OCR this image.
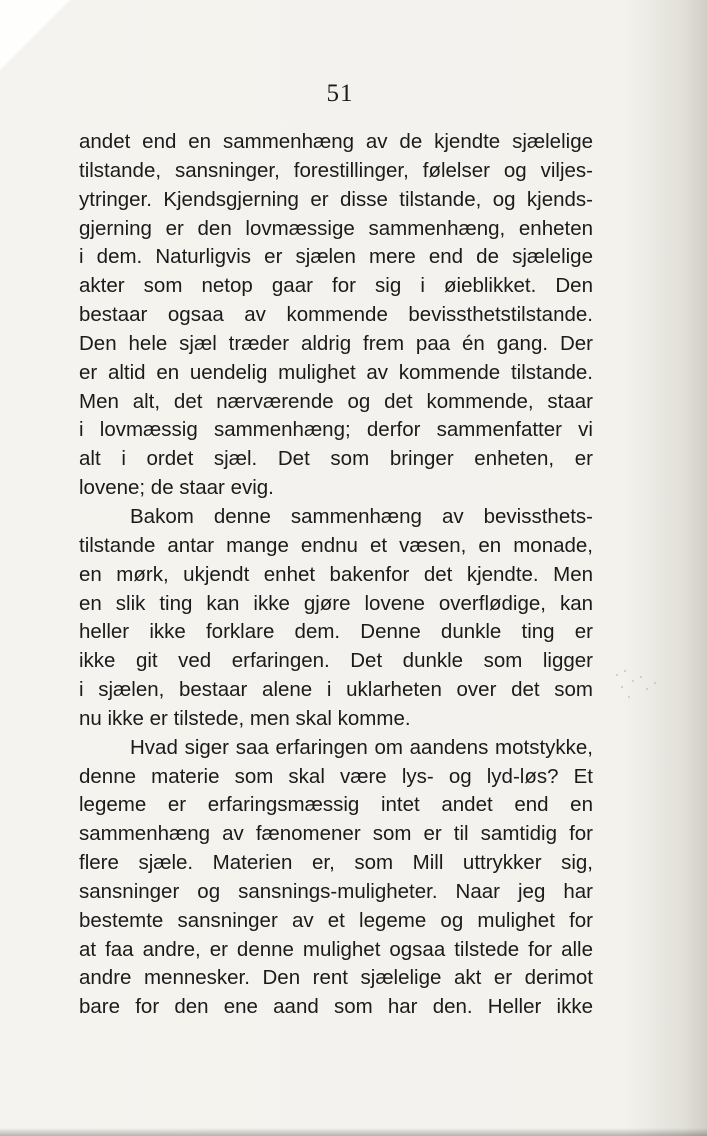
51
andet end en sammenhæng av de kjendte sjælelige
tilstande, sansninger, forestillinger, følelser og viljes-
ytringer. Kjendsgjerning er disse tilstande, og kjends-
gjerning er den lovmæssige sammenhæng, enheten
i dem. Naturligvis er sjælen mere end de sjælelige
akter som netop gaar for sig i øieblikket. Den
bestaar ogsaa av kommende bevissthetstilstande.
Den hele sjæl træder aldrig frem paa én gang. Der
er altid en uendelig mulighet av kommende tilstande.
Men alt, det nærværende og det kommende, staar
i lovmæssig sammenhæng; derfor sammenfatter vi
alt i ordet sjæl. Det som bringer enheten, er
lovene; de staar evig.
Bakom denne sammenhæng av bevissthets-
tilstande antar mange endnu et væsen, en monade,
en mørk, ukjendt enhet bakenfor det kjendte. Men
en slik ting kan ikke gjøre lovene overflødige, kan
heller ikke forklare dem. Denne dunkle ting er
ikke git ved erfaringen. Det dunkle som ligger
i sjælen, bestaar alene i uklarheten over det som
nu ikke er tilstede, men skal komme.
Hvad siger saa erfaringen om aandens motstykke,
denne materie som skal være lys- og lyd-løs? Et
legeme er erfaringsmæssig intet andet end en
sammenhæng av fænomener som er til samtidig for
flere sjæle. Materien er, som Mill uttrykker sig,
sansninger og sansnings-muligheter. Naar jeg har
bestemte sansninger av et legeme og mulighet for
at faa andre, er denne mulighet ogsaa tilstede for alle
andre mennesker. Den rent sjælelige akt er derimot
bare for den ene aand som har den. Heller ikke
